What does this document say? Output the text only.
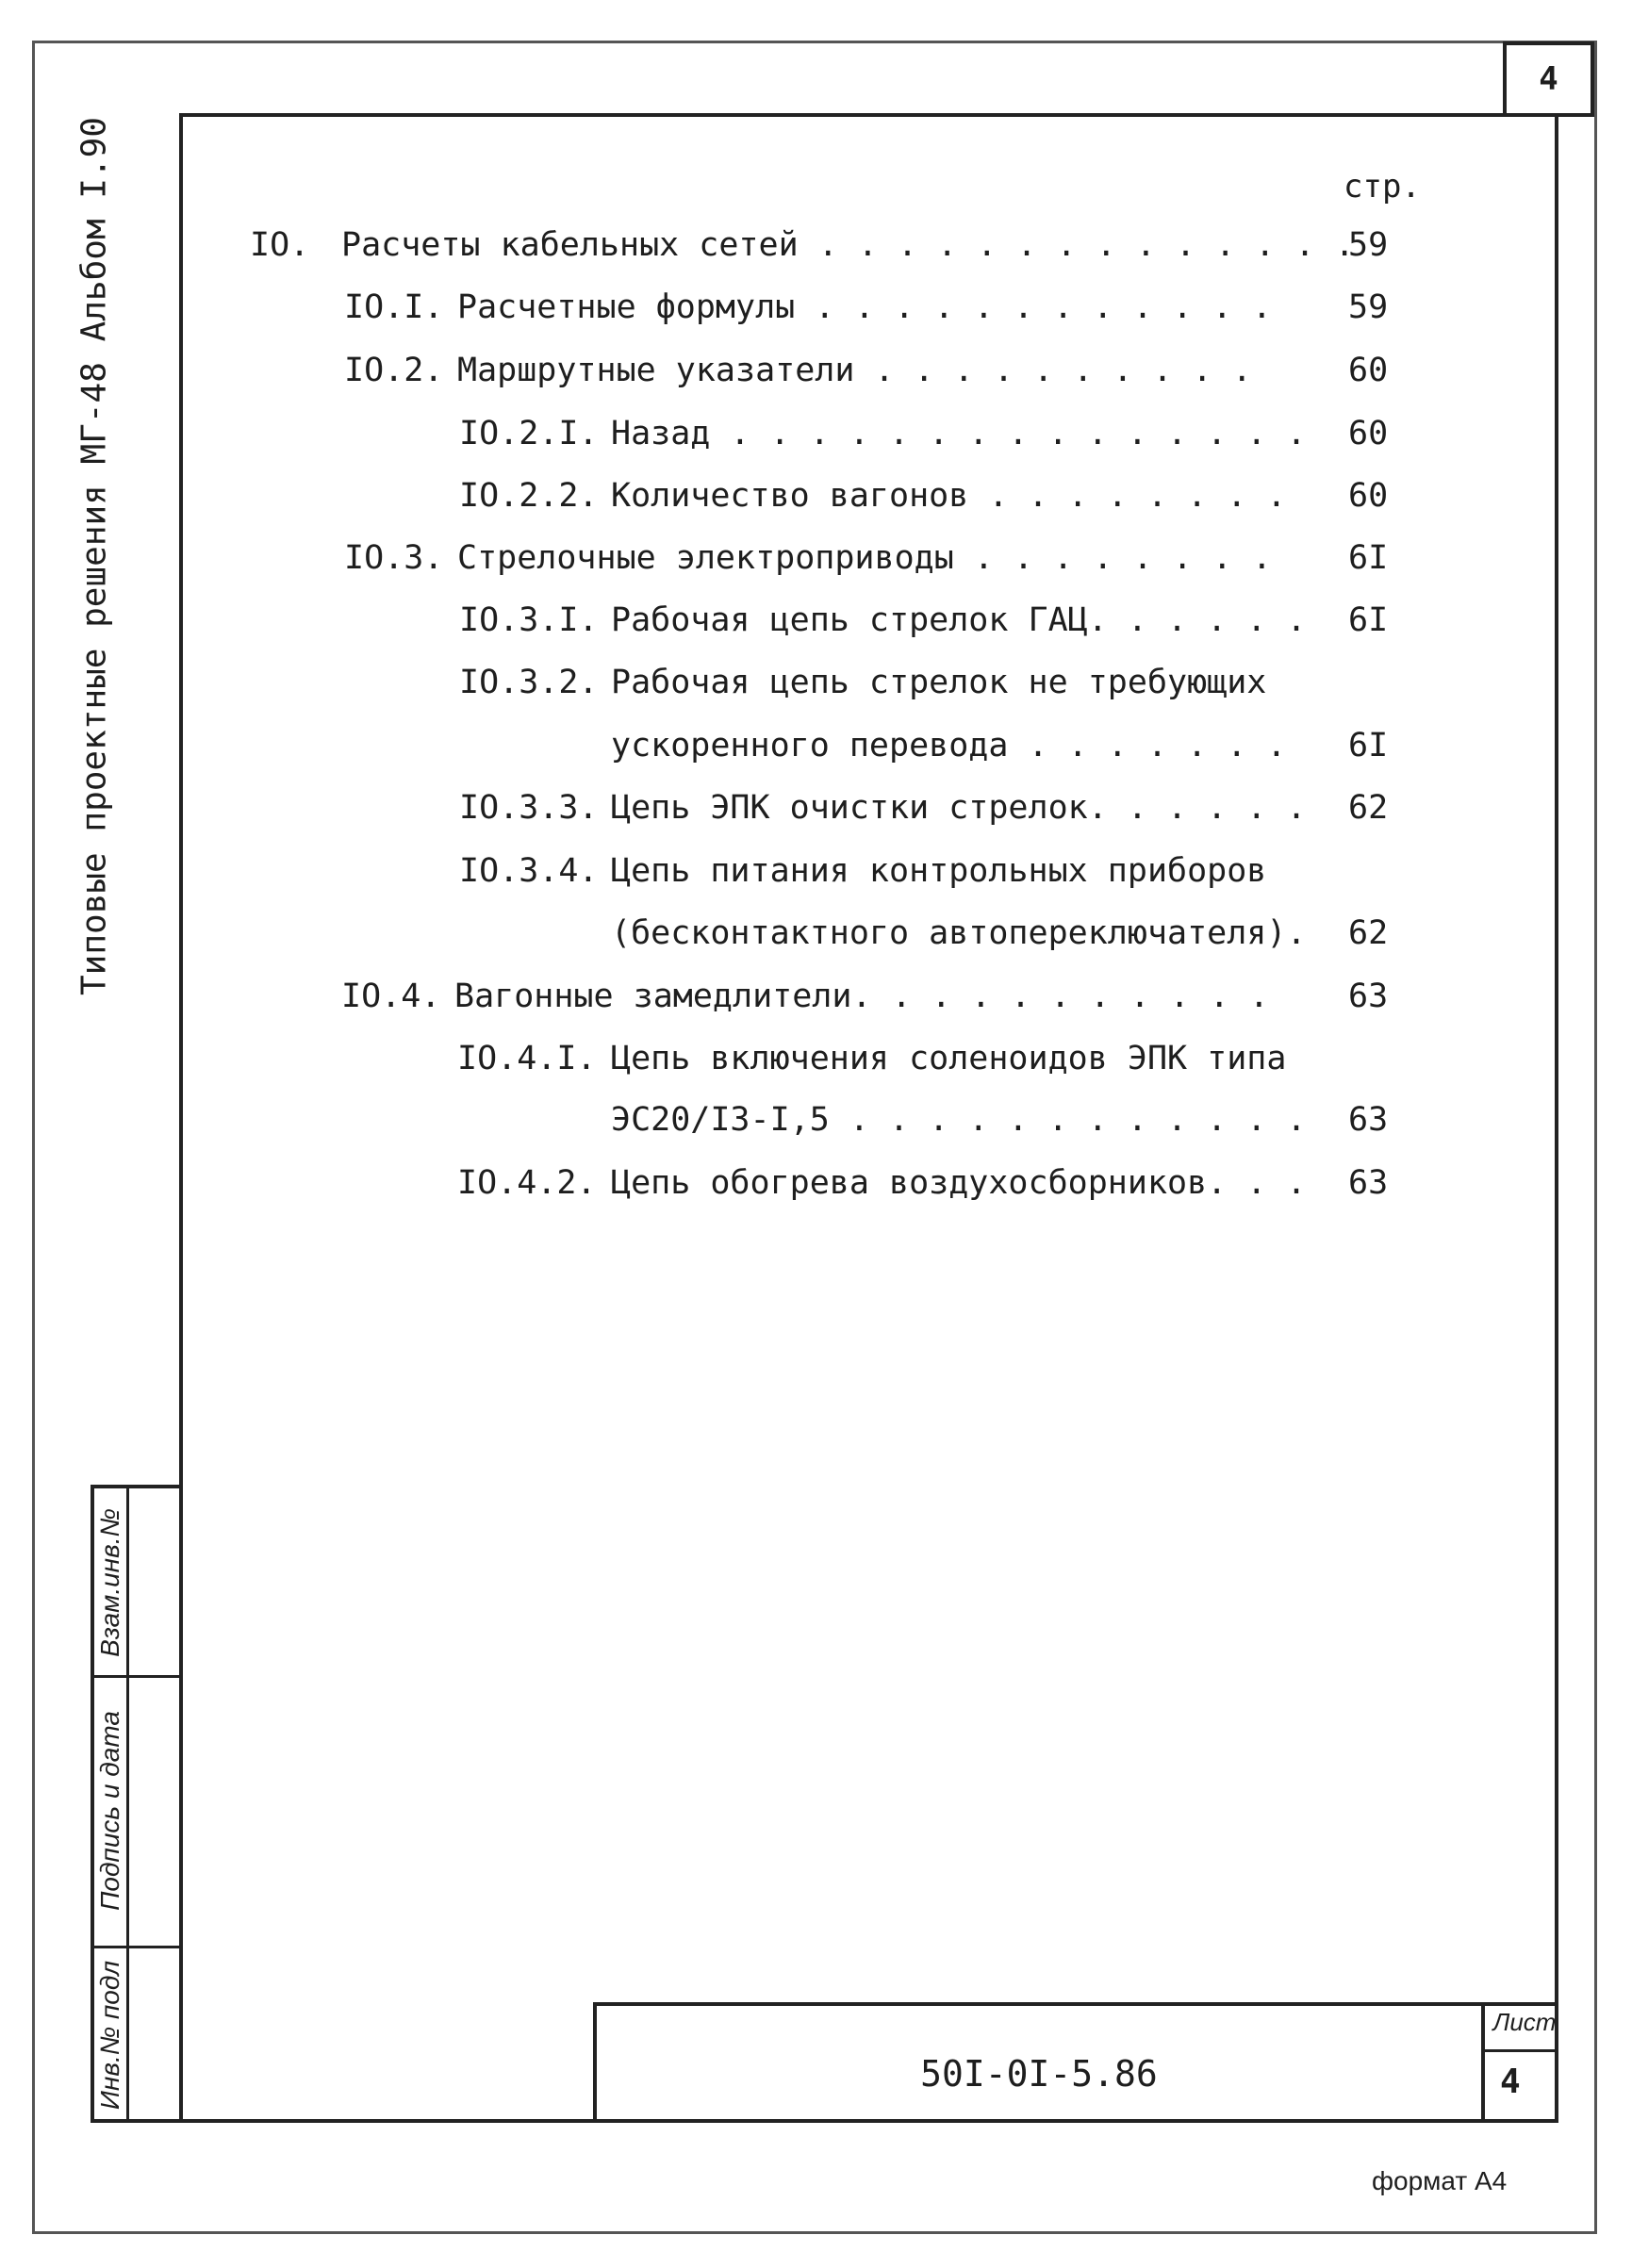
4
Типовые проектные решения МГ-48 Альбом I.90
Взам.инв.№
Подпись и дата
Инв.№ подл
стр.
IO. Расчеты кабельных сетей . . . . . . . . . . . . . .
59
IO.I. Расчетные формулы . . . . . . . . . . . . 59
IO.2. Маршрутные указатели . . . . . . . . . .	60
IO.2.I. Назад . . . . . . . . . . . . . . . 60
IO.2.2. Количество вагонов . . . . . . . . 60
IO.3. Стрелочные электроприводы . . . . . . . . 6I
IO.3.I. Рабочая цепь стрелок ГАЦ. . . . . . 6I
IO.3.2. Рабочая цепь стрелок не требующих
ускоренного перевода . . . . . . . 6I
IO.3.3. Цепь ЭПК очистки стрелок. . . . . . 62
IO.3.4. Цепь питания контрольных приборов
(бесконтактного автопереключателя). 62
IO.4. Вагонные замедлители. . . . . . . . . . . 63
IO.4.I. Цепь включения соленоидов ЭПК типа
ЭС20/I3-I,5 . . . . . . . . . . . . 63
IO.4.2. Цепь обогрева воздухосборников. . . 63
50I-0I-5.86
Лист
4
формат A4
